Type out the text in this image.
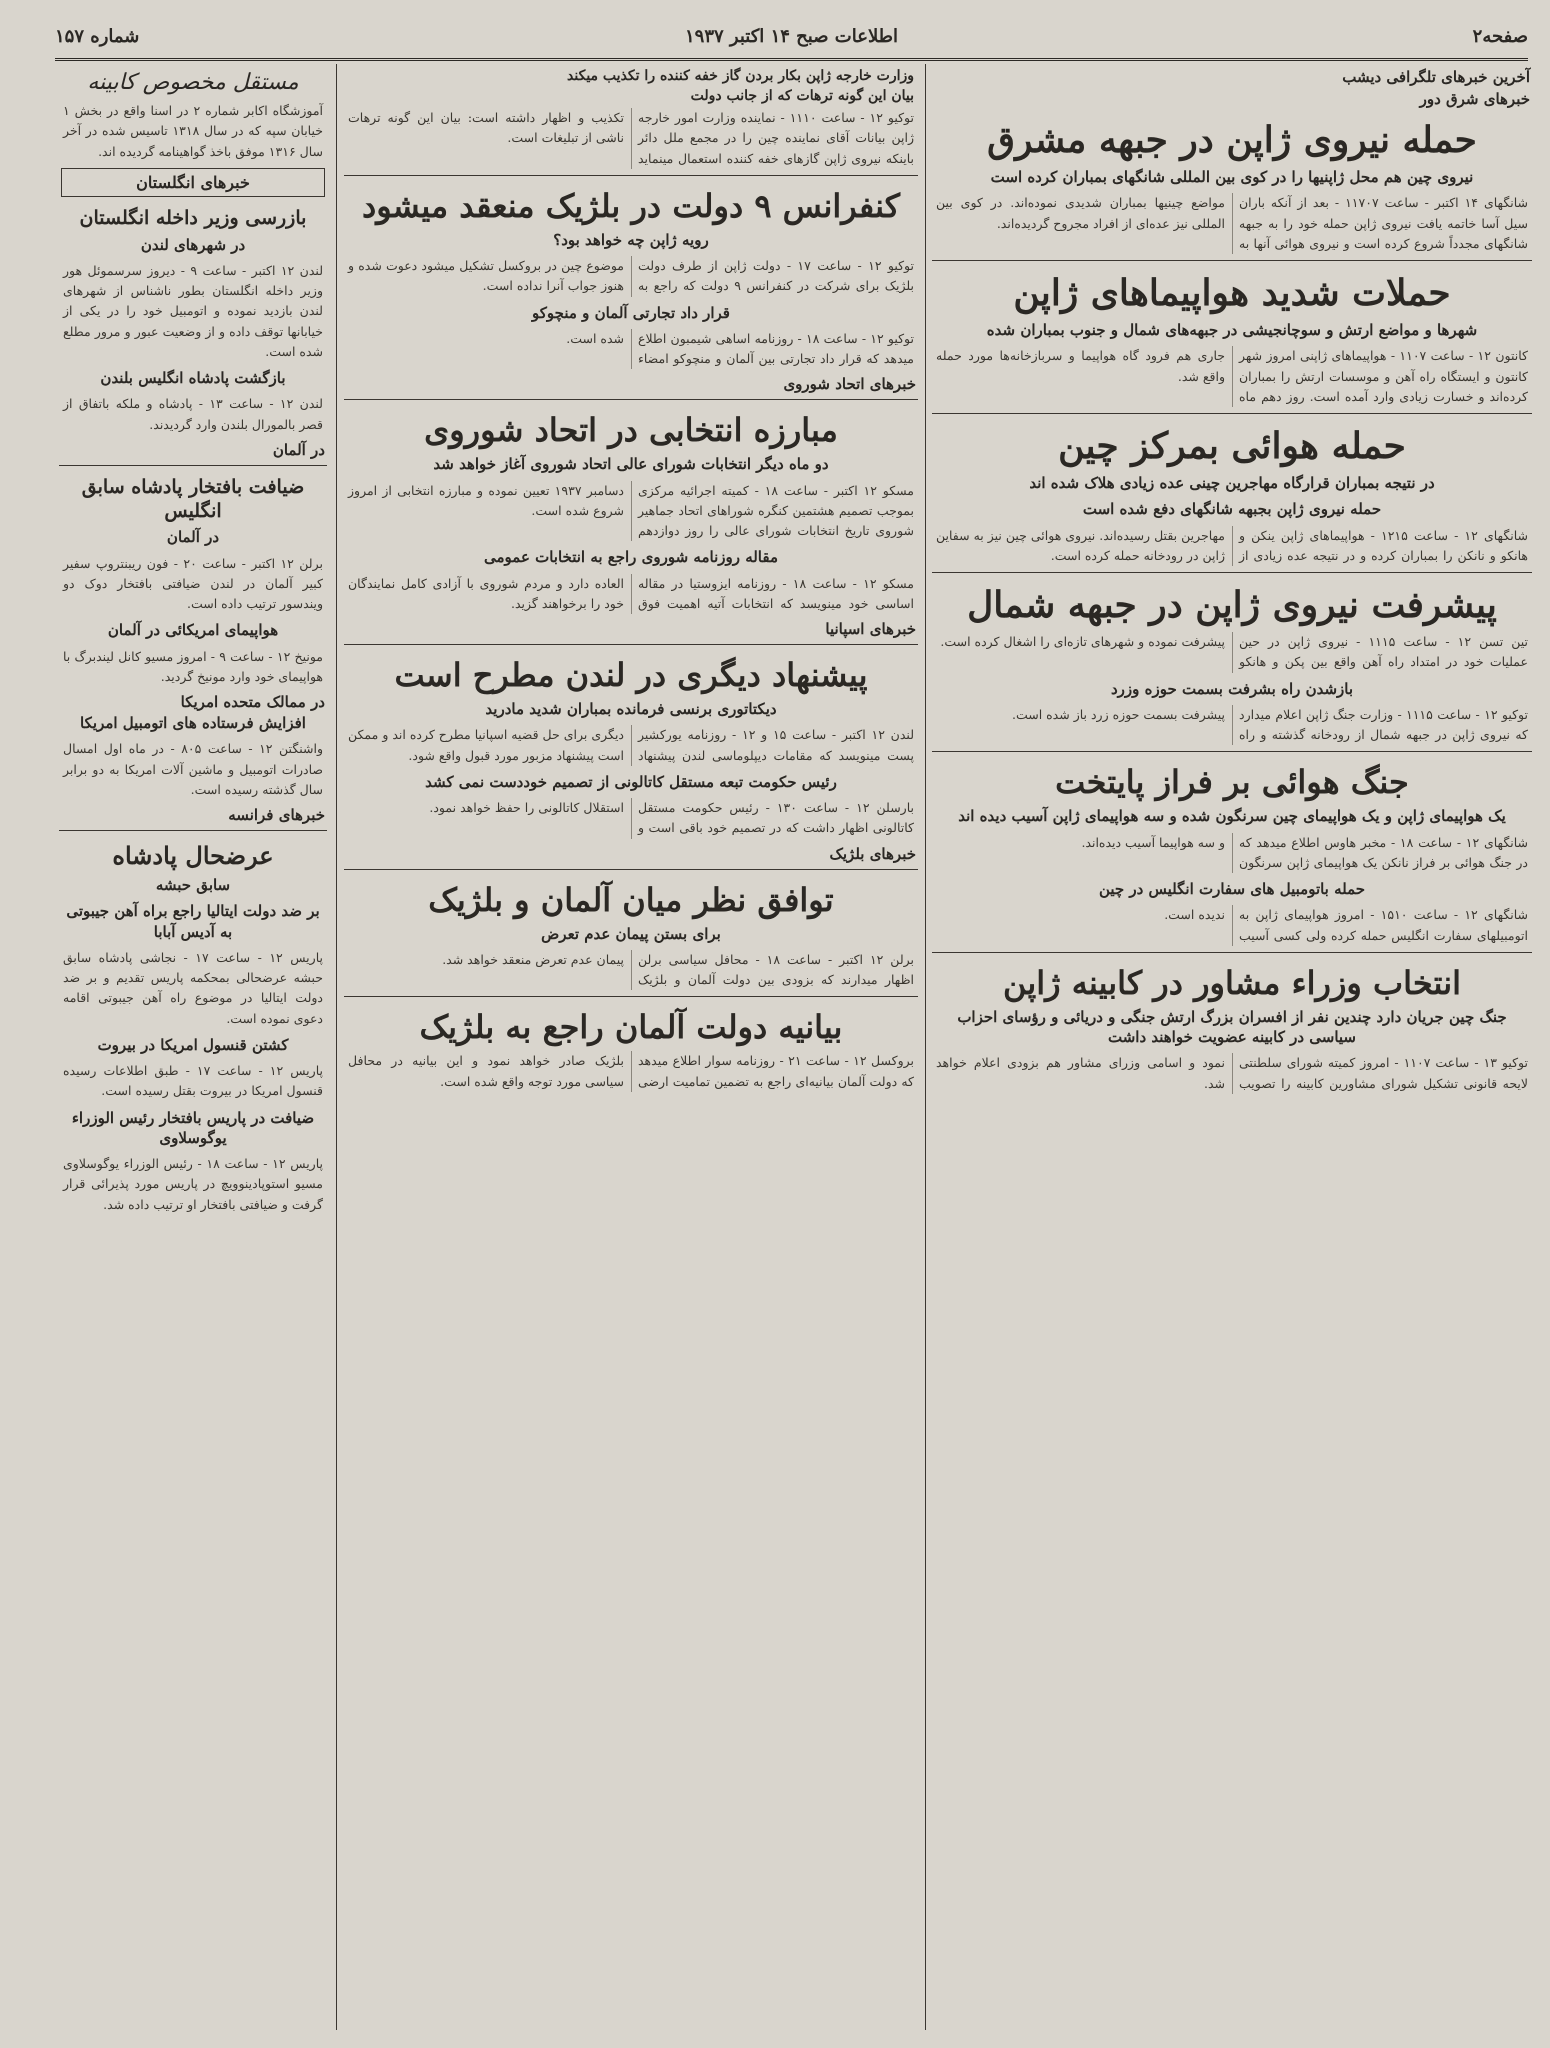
شماره ۱۵۷	اطلاعات صبح ۱۴ اکتبر ۱۹۳۷	صفحه۲
آخرین خبرهای تلگرافی دیشب
خبرهای شرق دور
حمله نیروی ژاپن در جبهه مشرق
نیروی چین هم محل ژاپنیها را در کوی بین المللی شانگهای بمباران کرده است
شانگهای ۱۴ اکتبر - ساعت ۱۱۷۰۷ - بعد از آنکه باران سیل آسا خاتمه یافت نیروی ژاپن حمله خود را به جبهه شانگهای مجدداً شروع کرده است و نیروی هوائی آنها به مواضع چینیها بمباران شدیدی نموده‌اند. در کوی بین المللی نیز عده‌ای از افراد مجروح گردیده‌اند.
حملات شدید هواپیماهای ژاپن
شهرها و مواضع ارتش و سوچانجیشی در جبهه‌های شمال و جنوب بمباران شده
کانتون ۱۲ - ساعت ۱۱۰۷ - هواپیماهای ژاپنی امروز شهر کانتون و ایستگاه راه آهن و موسسات ارتش را بمباران کرده‌اند و خسارت زیادی وارد آمده است. روز دهم ماه جاری هم فرود گاه هواپیما و سربازخانه‌ها مورد حمله واقع شد.
حمله هوائی بمرکز چین
در نتیجه بمباران قرارگاه مهاجرین چینی عده زیادی هلاک شده اند
حمله نیروی ژاپن بجبهه شانگهای دفع شده است
شانگهای ۱۲ - ساعت ۱۲۱۵ - هواپیماهای ژاپن ینکن و هانکو و نانکن را بمباران کرده و در نتیجه عده زیادی از مهاجرین بقتل رسیده‌اند. نیروی هوائی چین نیز به سفاین ژاپن در رودخانه حمله کرده است.
پیشرفت نیروی ژاپن در جبهه شمال
تین تسن ۱۲ - ساعت ۱۱۱۵ - نیروی ژاپن در حین عملیات خود در امتداد راه آهن واقع بین پکن و هانکو پیشرفت نموده و شهرهای تازه‌ای را اشغال کرده است.
بازشدن راه بشرفت بسمت حوزه وزرد
توکیو ۱۲ - ساعت ۱۱۱۵ - وزارت جنگ ژاپن اعلام میدارد که نیروی ژاپن در جبهه شمال از رودخانه گذشته و راه پیشرفت بسمت حوزه زرد باز شده است.
جنگ هوائی بر فراز پایتخت
یک هواپیمای ژاپن و یک هواپیمای چین سرنگون شده و سه هواپیمای ژاپن آسیب دیده اند
شانگهای ۱۲ - ساعت ۱۸ - مخبر هاوس اطلاع میدهد که در جنگ هوائی بر فراز نانکن یک هواپیمای ژاپن سرنگون و سه هواپیما آسیب دیده‌اند.
حمله باتومبیل های سفارت انگلیس در چین
شانگهای ۱۲ - ساعت ۱۵۱۰ - امروز هواپیمای ژاپن به اتومبیلهای سفارت انگلیس حمله کرده ولی کسی آسیب ندیده است.
انتخاب وزراء مشاور در کابینه ژاپن
جنگ چین جریان دارد چندین نفر از افسران بزرگ ارتش جنگی و دریائی و رؤسای احزاب سیاسی در کابینه عضویت خواهند داشت
توکیو ۱۳ - ساعت ۱۱۰۷ - امروز کمیته شورای سلطنتی لایحه قانونی تشکیل شورای مشاورین کابینه را تصویب نمود و اسامی وزرای مشاور هم بزودی اعلام خواهد شد.
وزارت خارجه ژاپن بکار بردن گاز خفه کننده را تکذیب میکند
بیان این گونه ترهات که از جانب دولت
توکیو ۱۲ - ساعت ۱۱۱۰ - نماینده وزارت امور خارجه ژاپن بیانات آقای نماینده چین را در مجمع ملل دائر باینکه نیروی ژاپن گازهای خفه کننده استعمال مینماید تکذیب و اظهار داشته است: بیان این گونه ترهات ناشی از تبلیغات است.
کنفرانس ۹ دولت در بلژیک منعقد میشود
رویه ژاپن چه خواهد بود؟
توکیو ۱۲ - ساعت ۱۷ - دولت ژاپن از طرف دولت بلژیک برای شرکت در کنفرانس ۹ دولت که راجع به موضوع چین در بروکسل تشکیل میشود دعوت شده و هنوز جواب آنرا نداده است.
قرار داد تجارتی آلمان و منچوکو
توکیو ۱۲ - ساعت ۱۸ - روزنامه اساهی شیمبون اطلاع میدهد که قرار داد تجارتی بین آلمان و منچوکو امضاء شده است.
خبرهای اتحاد شوروی
مبارزه انتخابی در اتحاد شوروی
دو ماه دیگر انتخابات شورای عالی اتحاد شوروی آغاز خواهد شد
مسکو ۱۲ اکتبر - ساعت ۱۸ - کمیته اجرائیه مرکزی بموجب تصمیم هشتمین کنگره شوراهای اتحاد جماهیر شوروی تاریخ انتخابات شورای عالی را روز دوازدهم دسامبر ۱۹۳۷ تعیین نموده و مبارزه انتخابی از امروز شروع شده است.
مقاله روزنامه شوروی راجع به انتخابات عمومی
مسکو ۱۲ - ساعت ۱۸ - روزنامه ایزوستیا در مقاله اساسی خود مینویسد که انتخابات آتیه اهمیت فوق العاده دارد و مردم شوروی با آزادی کامل نمایندگان خود را برخواهند گزید.
خبرهای اسپانیا
پیشنهاد دیگری در لندن مطرح است
دیکتاتوری برنسی فرمانده بمباران شدید مادرید
لندن ۱۲ اکتبر - ساعت ۱۵ و ۱۲ - روزنامه یورکشیر پست مینویسد که مقامات دیپلوماسی لندن پیشنهاد دیگری برای حل قضیه اسپانیا مطرح کرده اند و ممکن است پیشنهاد مزبور مورد قبول واقع شود.
رئیس حکومت تبعه مستقل کاتالونی از تصمیم خوددست نمی کشد
بارسلن ۱۲ - ساعت ۱۳۰ - رئیس حکومت مستقل کاتالونی اظهار داشت که در تصمیم خود باقی است و استقلال کاتالونی را حفظ خواهد نمود.
خبرهای بلژیک
توافق نظر میان آلمان و بلژیک
برای بستن پیمان عدم تعرض
برلن ۱۲ اکتبر - ساعت ۱۸ - محافل سیاسی برلن اظهار میدارند که بزودی بین دولت آلمان و بلژیک پیمان عدم تعرض منعقد خواهد شد.
بیانیه دولت آلمان راجع به بلژیک
بروکسل ۱۲ - ساعت ۲۱ - روزنامه سوار اطلاع میدهد که دولت آلمان بیانیه‌ای راجع به تضمین تمامیت ارضی بلژیک صادر خواهد نمود و این بیانیه در محافل سیاسی مورد توجه واقع شده است.
مستقل مخصوص کابینه
آموزشگاه اکابر شماره ۲ در اسنا واقع در بخش ۱ خیابان سپه که در سال ۱۳۱۸ تاسیس شده در آخر سال ۱۳۱۶ موفق باخذ گواهینامه گردیده اند.
خبرهای انگلستان
بازرسی وزیر داخله انگلستان
در شهرهای لندن
لندن ۱۲ اکتبر - ساعت ۹ - دیروز سرسموئل هور وزیر داخله انگلستان بطور ناشناس از شهرهای لندن بازدید نموده و اتومبیل خود را در یکی از خیابانها توقف داده و از وضعیت عبور و مرور مطلع شده است.
بازگشت پادشاه انگلیس بلندن
لندن ۱۲ - ساعت ۱۳ - پادشاه و ملکه باتفاق از قصر بالمورال بلندن وارد گردیدند.
در آلمان
ضیافت بافتخار پادشاه سابق انگلیس
در آلمان
برلن ۱۲ اکتبر - ساعت ۲۰ - فون ریبنتروپ سفیر کبیر آلمان در لندن ضیافتی بافتخار دوک دو ویندسور ترتیب داده است.
هواپیمای امریکائی در آلمان
مونیخ ۱۲ - ساعت ۹ - امروز مسیو کانل لیندبرگ با هواپیمای خود وارد مونیخ گردید.
در ممالک متحده امریکا
افزایش فرستاده های اتومبیل امریکا
واشنگتن ۱۲ - ساعت ۸۰۵ - در ماه اول امسال صادرات اتومبیل و ماشین آلات امریکا به دو برابر سال گذشته رسیده است.
خبرهای فرانسه
عرضحال پادشاه
سابق حبشه
بر ضد دولت ایتالیا راجع براه آهن جیبوتی به آدیس آبابا
پاریس ۱۲ - ساعت ۱۷ - نجاشی پادشاه سابق حبشه عرضحالی بمحکمه پاریس تقدیم و بر ضد دولت ایتالیا در موضوع راه آهن جیبوتی اقامه دعوی نموده است.
کشتن قنسول امریکا در بیروت
پاریس ۱۲ - ساعت ۱۷ - طبق اطلاعات رسیده قنسول امریکا در بیروت بقتل رسیده است.
ضیافت در پاریس بافتخار رئیس الوزراء یوگوسلاوی
پاریس ۱۲ - ساعت ۱۸ - رئیس الوزراء یوگوسلاوی مسیو استوپادینوویچ در پاریس مورد پذیرائی قرار گرفت و ضیافتی بافتخار او ترتیب داده شد.
